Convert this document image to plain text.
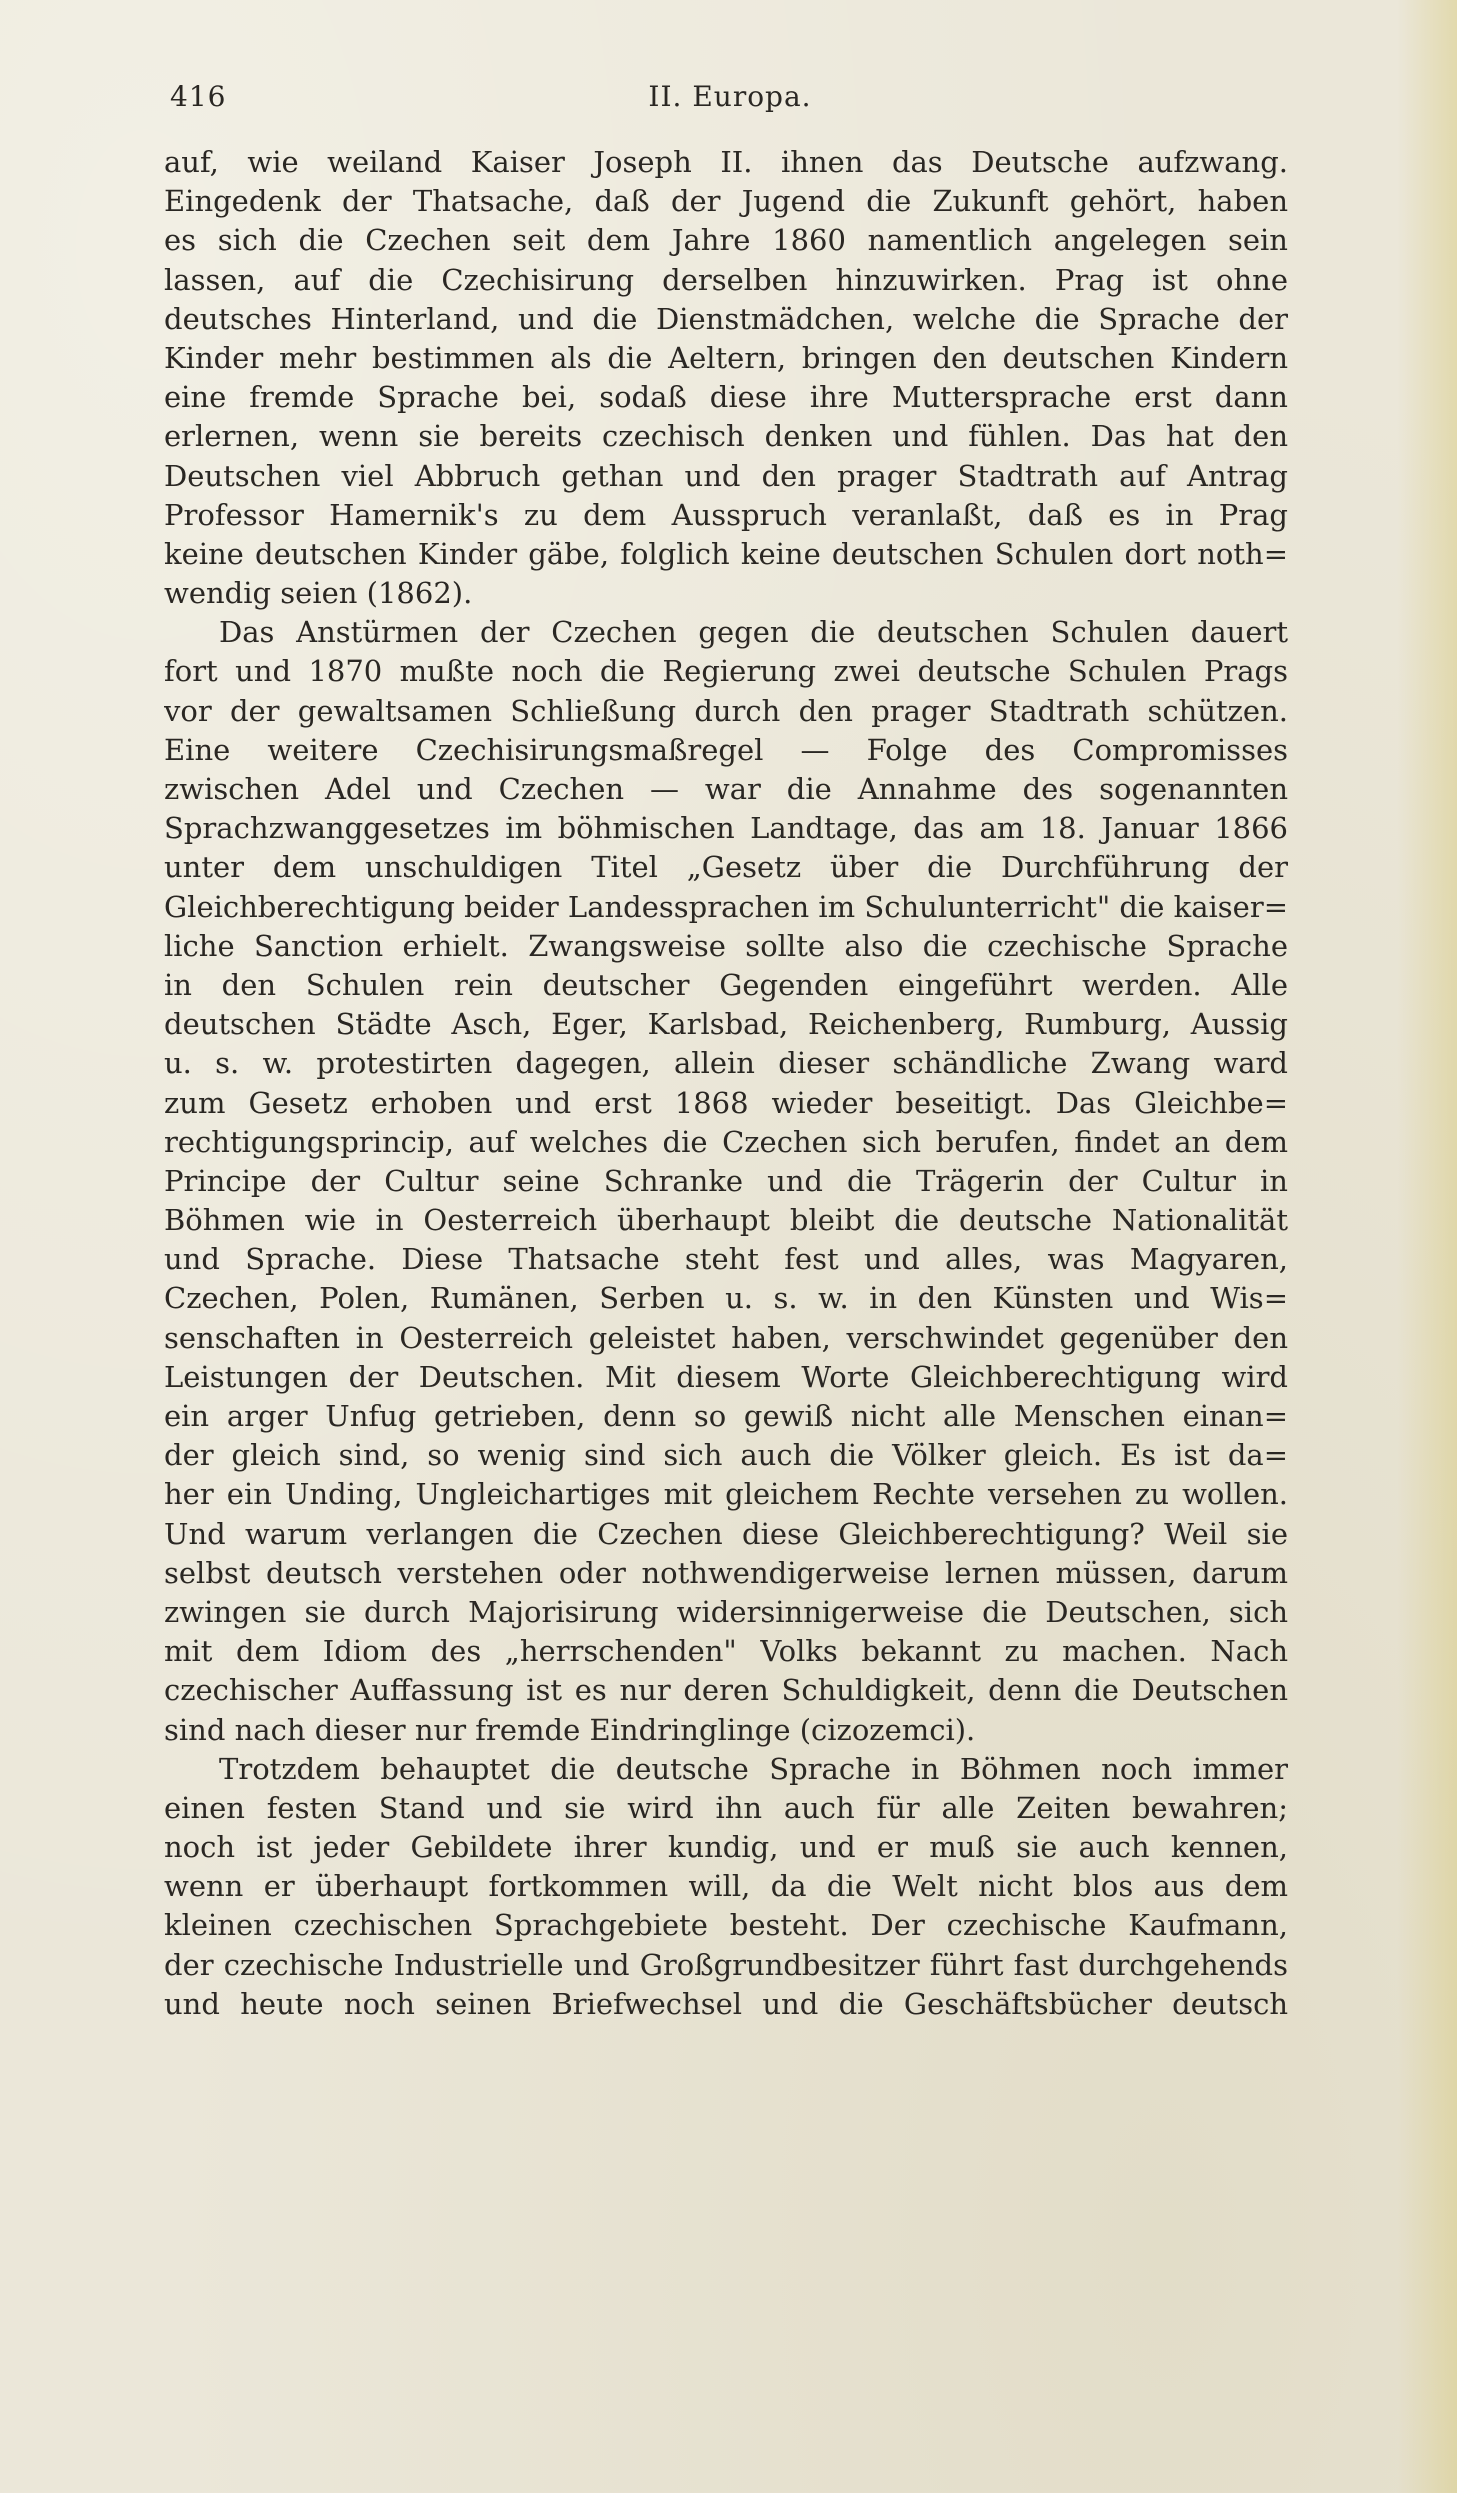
416	II. Europa.
auf, wie weiland Kaiser Joseph II. ihnen das Deutsche aufzwang.
Eingedenk der Thatsache, daß der Jugend die Zukunft gehört, haben
es sich die Czechen seit dem Jahre 1860 namentlich angelegen sein
lassen, auf die Czechisirung derselben hinzuwirken. Prag ist ohne
deutsches Hinterland, und die Dienstmädchen, welche die Sprache der
Kinder mehr bestimmen als die Aeltern, bringen den deutschen Kindern
eine fremde Sprache bei, sodaß diese ihre Muttersprache erst dann
erlernen, wenn sie bereits czechisch denken und fühlen. Das hat den
Deutschen viel Abbruch gethan und den prager Stadtrath auf Antrag
Professor Hamernik's zu dem Ausspruch veranlaßt, daß es in Prag
keine deutschen Kinder gäbe, folglich keine deutschen Schulen dort noth=
wendig seien (1862).
Das Anstürmen der Czechen gegen die deutschen Schulen dauert
fort und 1870 mußte noch die Regierung zwei deutsche Schulen Prags
vor der gewaltsamen Schließung durch den prager Stadtrath schützen.
Eine weitere Czechisirungsmaßregel — Folge des Compromisses
zwischen Adel und Czechen — war die Annahme des sogenannten
Sprachzwanggesetzes im böhmischen Landtage, das am 18. Januar 1866
unter dem unschuldigen Titel „Gesetz über die Durchführung der
Gleichberechtigung beider Landessprachen im Schulunterricht" die kaiser=
liche Sanction erhielt. Zwangsweise sollte also die czechische Sprache
in den Schulen rein deutscher Gegenden eingeführt werden. Alle
deutschen Städte Asch, Eger, Karlsbad, Reichenberg, Rumburg, Aussig
u. s. w. protestirten dagegen, allein dieser schändliche Zwang ward
zum Gesetz erhoben und erst 1868 wieder beseitigt. Das Gleichbe=
rechtigungsprincip, auf welches die Czechen sich berufen, findet an dem
Principe der Cultur seine Schranke und die Trägerin der Cultur in
Böhmen wie in Oesterreich überhaupt bleibt die deutsche Nationalität
und Sprache. Diese Thatsache steht fest und alles, was Magyaren,
Czechen, Polen, Rumänen, Serben u. s. w. in den Künsten und Wis=
senschaften in Oesterreich geleistet haben, verschwindet gegenüber den
Leistungen der Deutschen. Mit diesem Worte Gleichberechtigung wird
ein arger Unfug getrieben, denn so gewiß nicht alle Menschen einan=
der gleich sind, so wenig sind sich auch die Völker gleich. Es ist da=
her ein Unding, Ungleichartiges mit gleichem Rechte versehen zu wollen.
Und warum verlangen die Czechen diese Gleichberechtigung? Weil sie
selbst deutsch verstehen oder nothwendigerweise lernen müssen, darum
zwingen sie durch Majorisirung widersinnigerweise die Deutschen, sich
mit dem Idiom des „herrschenden" Volks bekannt zu machen. Nach
czechischer Auffassung ist es nur deren Schuldigkeit, denn die Deutschen
sind nach dieser nur fremde Eindringlinge (cizozemci).
Trotzdem behauptet die deutsche Sprache in Böhmen noch immer
einen festen Stand und sie wird ihn auch für alle Zeiten bewahren;
noch ist jeder Gebildete ihrer kundig, und er muß sie auch kennen,
wenn er überhaupt fortkommen will, da die Welt nicht blos aus dem
kleinen czechischen Sprachgebiete besteht. Der czechische Kaufmann,
der czechische Industrielle und Großgrundbesitzer führt fast durchgehends
und heute noch seinen Briefwechsel und die Geschäftsbücher deutsch
